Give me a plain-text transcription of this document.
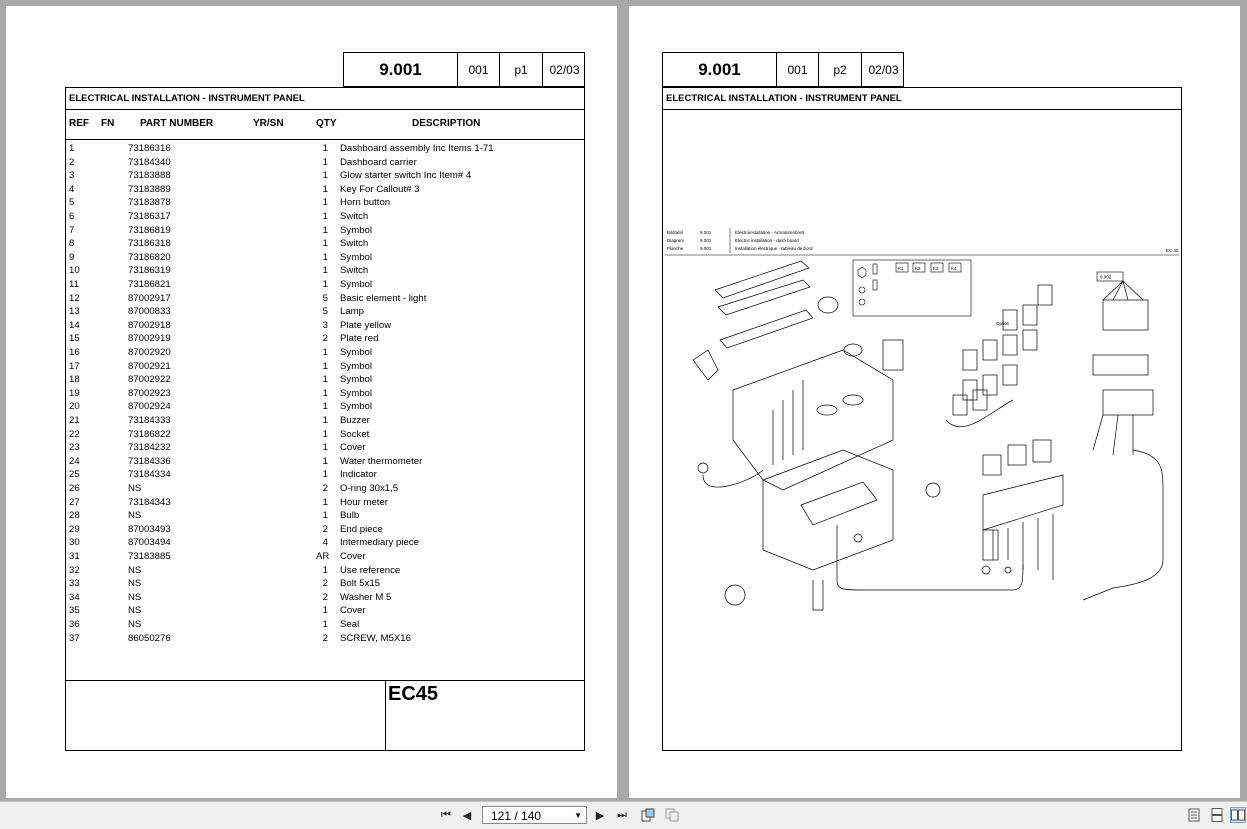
9.001	001	p1	02/03
ELECTRICAL INSTALLATION - INSTRUMENT PANEL
REF FN	PART NUMBER	YR/SN	QTY	DESCRIPTION
1	73186316	1 Dashboard assembly Inc Items 1-71
2	73184340	1 Dashboard carrier
3	73183888	1 Glow starter switch Inc Item# 4
4	73183889	1 Key For Callout# 3
5	73183878	1 Horn button
6	73186317	1 Switch
7	73186819	1 Symbol
8	73186318	1 Switch
9	73186820	1 Symbol
10	73186319	1 Switch
11	73186821	1 Symbol
12	87002917	5 Basic element - light
13	87000833	5 Lamp
14	87002918	3 Plate yellow
15	87002919	2 Plate red
16	87002920	1 Symbol
17	87002921	1 Symbol
18	87002922	1 Symbol
19	87002923	1 Symbol
20	87002924	1 Symbol
21	73184333	1 Buzzer
22	73186822	1 Socket
23	73184232	1 Cover
24	73184336	1 Water thermometer
25	73184334	1 Indicator
26	NS	2 O-ring 30x1,5
27	73184343	1 Hour meter
28	NS	1 Bulb
29	87003493	2 End piece
30	87003494	4 Intermediary piece
31	73183885	AR Cover
32	NS	1 Use reference
33	NS	2 Bolt 5x15
34	NS	2 Washer M 5
35	NS	1 Cover
36	NS	1 Seal
37	86050276	2 SCREW, M5X16
EC45
9.001	001	p2	02/03
ELECTRICAL INSTALLATION - INSTRUMENT PANEL
Bildtafel	9.001	Elektroinstallation - Armaturenbrett
Diagram	9.001	Electric installation - dash board
Planche	9.001	Installation électrique - tableau de bord	EC 45
K1	K2	K3	K4
9.002
Option
⏮	◀	121 / 140	▼	▶	⏭
